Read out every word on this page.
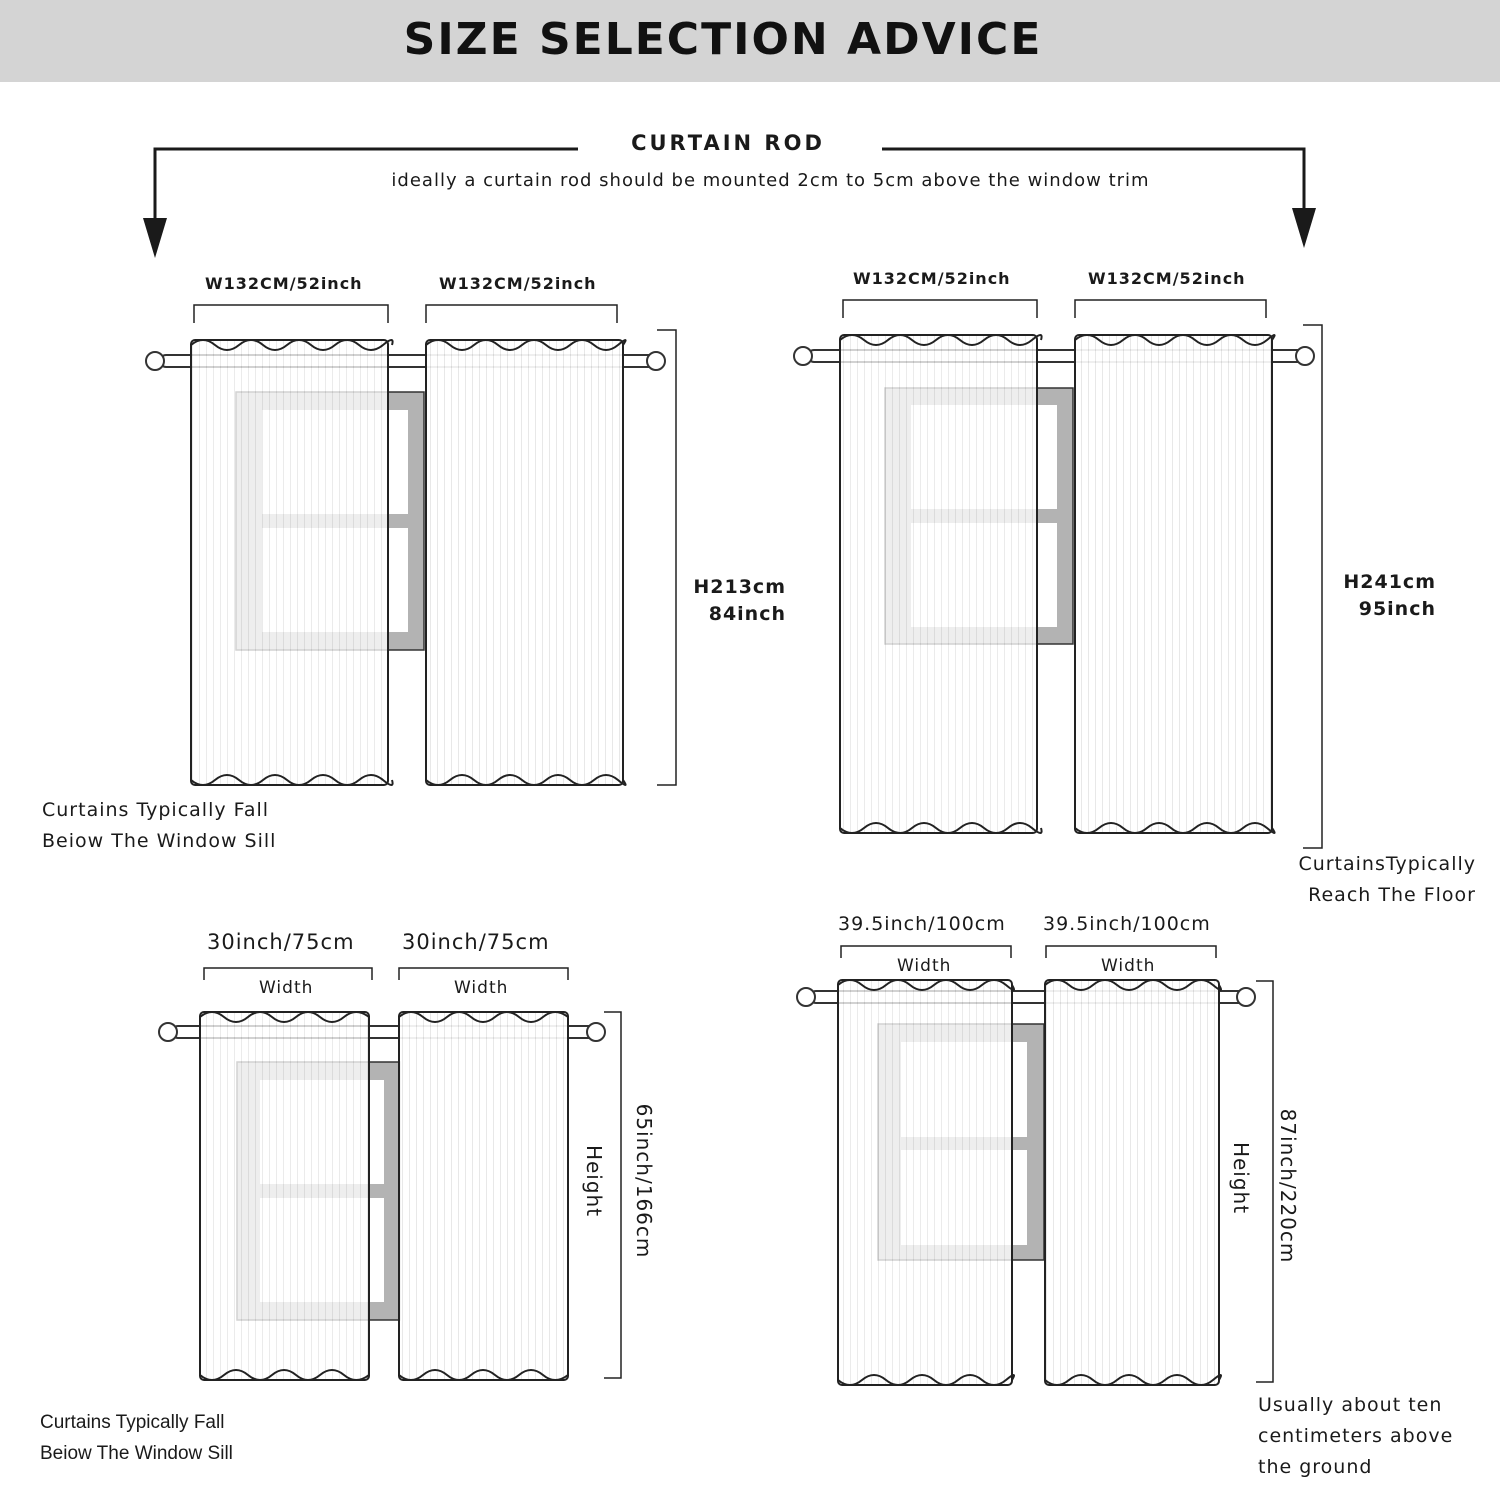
SIZE SELECTION ADVICE
CURTAIN ROD
ideally a curtain rod should be mounted 2cm to 5cm above the window trim
W132CM/52inch	W132CM/52inch
H213cm
84inch
Curtains Typically Fall
Beiow The Window Sill
W132CM/52inch	W132CM/52inch
H241cm
95inch
CurtainsTypically
Reach The Floor
30inch/75cm 30inch/75cm
Width	Width
Height 65inch/166cm
Curtains Typically Fall
Beiow The Window Sill
39.5inch/100cm 39.5inch/100cm
Width	Width
Height 87inch/220cm
Usually about ten
centimeters above
the ground
